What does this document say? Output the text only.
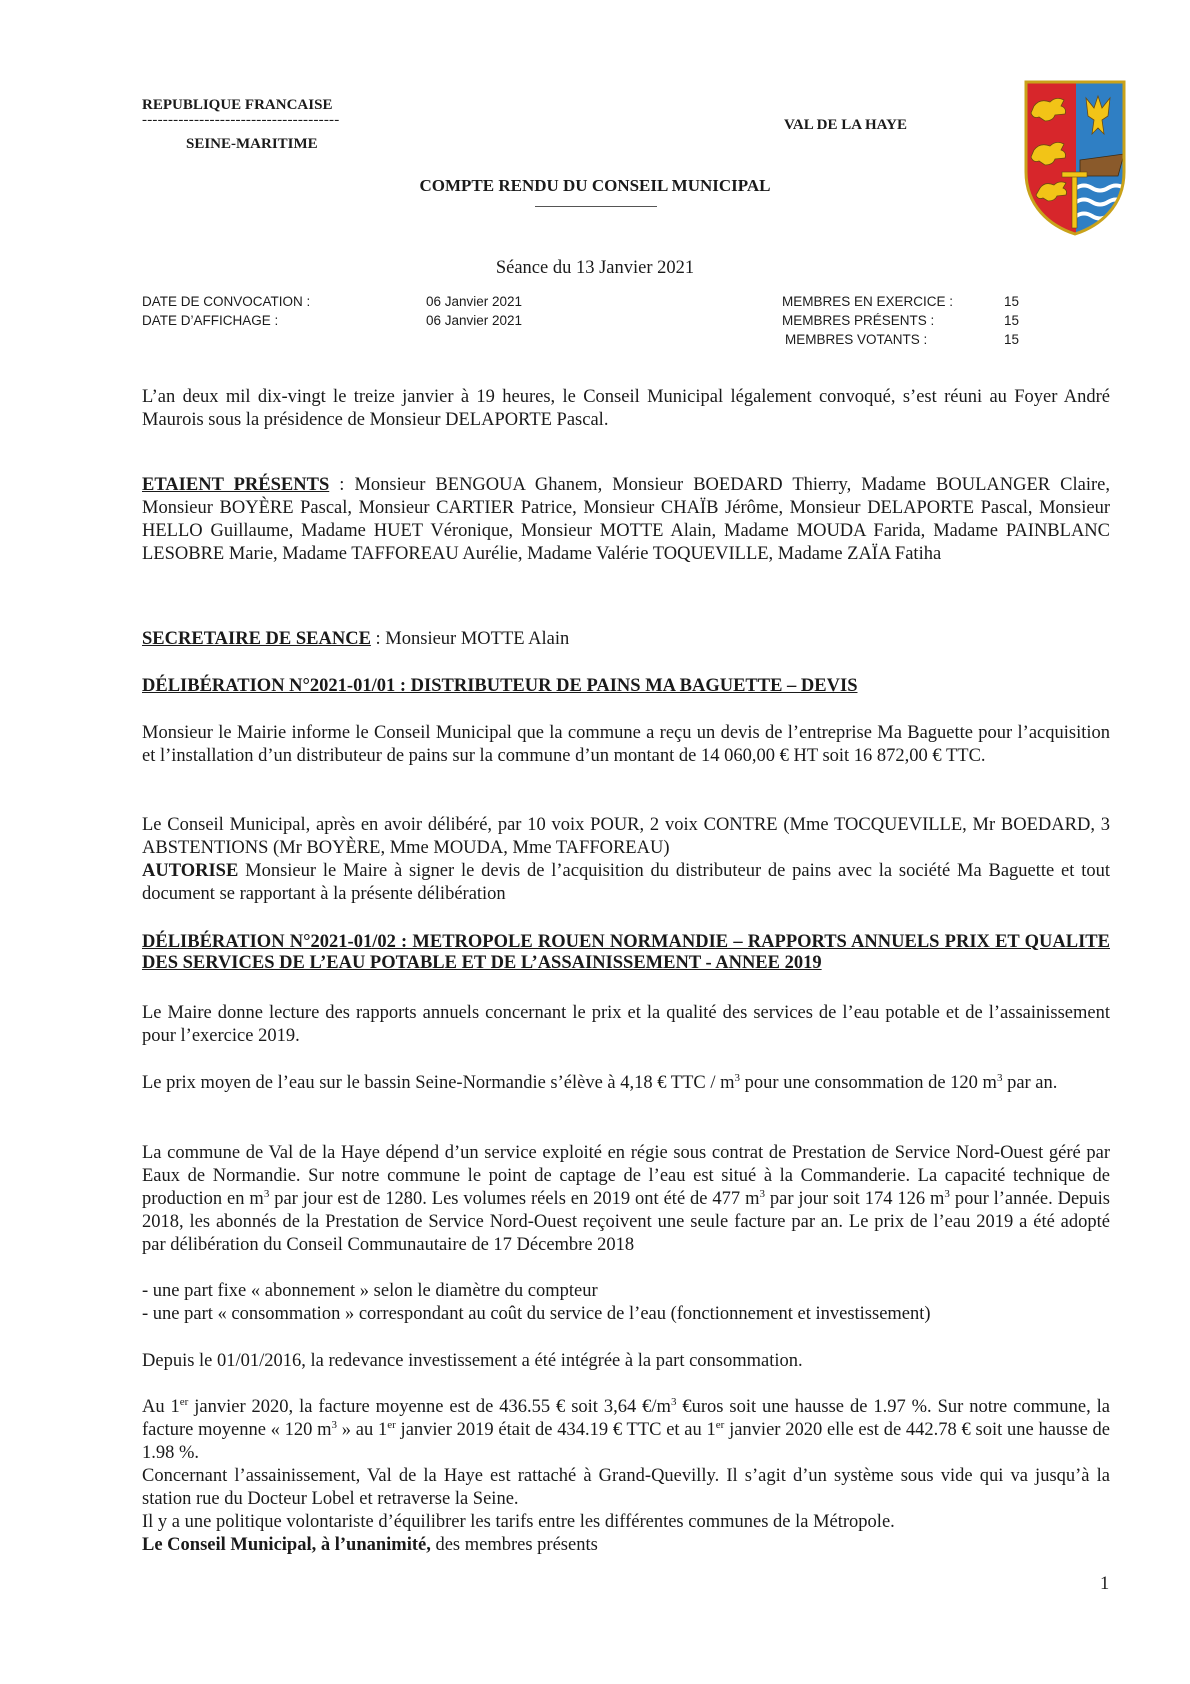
REPUBLIQUE FRANCAISE
--------------------------------------
SEINE-MARITIME
VAL DE LA HAYE
COMPTE RENDU DU CONSEIL MUNICIPAL
Séance du 13 Janvier 2021
DATE DE CONVOCATION :	06 Janvier 2021
DATE D’AFFICHAGE :	06 Janvier 2021
MEMBRES EN EXERCICE :	15
MEMBRES PRÉSENTS :	15
MEMBRES VOTANTS :	15

L’an deux mil dix-vingt le treize janvier à 19 heures, le Conseil Municipal légalement convoqué, s’est réuni au Foyer André Maurois sous la présidence de Monsieur DELAPORTE Pascal.

ETAIENT PRÉSENTS : Monsieur BENGOUA Ghanem, Monsieur BOEDARD Thierry, Madame BOULANGER Claire, Monsieur BOYÈRE Pascal, Monsieur CARTIER Patrice, Monsieur CHAÏB Jérôme, Monsieur DELAPORTE Pascal, Monsieur HELLO Guillaume, Madame HUET Véronique, Monsieur MOTTE Alain, Madame MOUDA Farida, Madame PAINBLANC LESOBRE Marie, Madame TAFFOREAU Aurélie, Madame Valérie TOQUEVILLE, Madame ZAÏA Fatiha

SECRETAIRE DE SEANCE : Monsieur MOTTE Alain

DÉLIBÉRATION N°2021-01/01 : DISTRIBUTEUR DE PAINS MA BAGUETTE – DEVIS

Monsieur le Mairie informe le Conseil Municipal que la commune a reçu un devis de l’entreprise Ma Baguette pour l’acquisition et l’installation d’un distributeur de pains sur la commune d’un montant de 14 060,00 € HT soit 16 872,00 € TTC.

Le Conseil Municipal, après en avoir délibéré, par 10 voix POUR, 2 voix CONTRE (Mme TOCQUEVILLE, Mr BOEDARD, 3 ABSTENTIONS (Mr BOYÈRE, Mme MOUDA, Mme TAFFOREAU)

AUTORISE Monsieur le Maire à signer le devis de l’acquisition du distributeur de pains avec la société Ma Baguette et tout document se rapportant à la présente délibération

DÉLIBÉRATION N°2021-01/02 : METROPOLE ROUEN NORMANDIE – RAPPORTS ANNUELS PRIX ET QUALITE DES SERVICES DE L’EAU POTABLE ET DE L’ASSAINISSEMENT - ANNEE 2019

Le Maire donne lecture des rapports annuels concernant le prix et la qualité des services de l’eau potable et de l’assainissement pour l’exercice 2019.

Le prix moyen de l’eau sur le bassin Seine-Normandie s’élève à 4,18 € TTC / $m^3$ pour une consommation de 120 $m^3$ par an.

La commune de Val de la Haye dépend d’un service exploité en régie sous contrat de Prestation de Service Nord-Ouest géré par Eaux de Normandie. Sur notre commune le point de captage de l’eau est situé à la Commanderie. La capacité technique de production en $m^3$ par jour est de 1280. Les volumes réels en 2019 ont été de 477 $m^3$ par jour soit 174 126 $m^3$ pour l’année. Depuis 2018, les abonnés de la Prestation de Service Nord-Ouest reçoivent une seule facture par an. Le prix de l’eau 2019 a été adopté par délibération du Conseil Communautaire de 17 Décembre 2018

- une part fixe « abonnement » selon le diamètre du compteur

- une part « consommation » correspondant au coût du service de l’eau (fonctionnement et investissement)

Depuis le 01/01/2016, la redevance investissement a été intégrée à la part consommation.

Au 1er janvier 2020, la facture moyenne est de 436.55 € soit 3,64 $€/m^3$ €uros soit une hausse de 1.97 %. Sur notre commune, la facture moyenne « 120 $m^3$ » au 1er janvier 2019 était de 434.19 € TTC et au 1er janvier 2020 elle est de 442.78 € soit une hausse de 1.98 %.

Concernant l’assainissement, Val de la Haye est rattaché à Grand-Quevilly. Il s’agit d’un système sous vide qui va jusqu’à la station rue du Docteur Lobel et retraverse la Seine.

Il y a une politique volontariste d’équilibrer les tarifs entre les différentes communes de la Métropole.

Le Conseil Municipal, à l’unanimité, des membres présents

1
